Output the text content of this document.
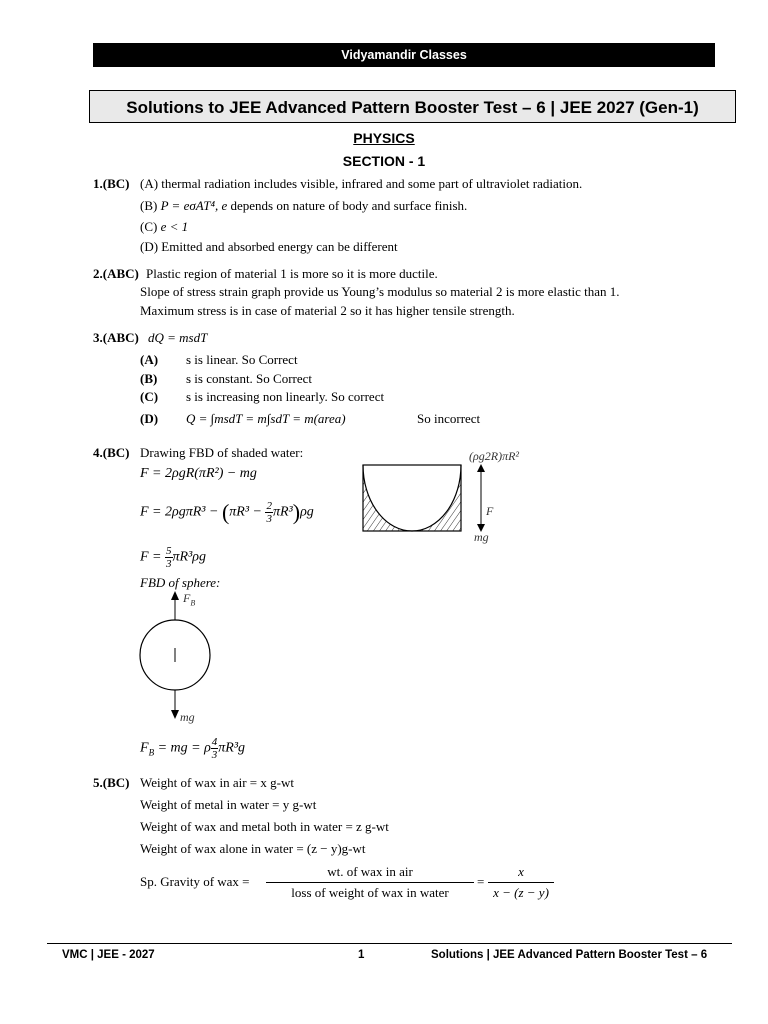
Vidyamandir Classes
Solutions to JEE Advanced Pattern Booster Test – 6 | JEE 2027 (Gen-1)
PHYSICS
SECTION - 1
1.(BC) (A) thermal radiation includes visible, infrared and some part of ultraviolet radiation.
(B) P = eσAT⁴, e depends on nature of body and surface finish.
(C) e < 1
(D) Emitted and absorbed energy can be different
2.(ABC) Plastic region of material 1 is more so it is more ductile.
Slope of stress strain graph provide us Young’s modulus so material 2 is more elastic than 1.
Maximum stress is in case of material 2 so it has higher tensile strength.
3.(ABC) dQ = msdT
(A) s is linear. So Correct
(B) s is constant. So Correct
(C) s is increasing non linearly. So correct
(D) Q = ∫msdT = m∫sdT = m(area)	So incorrect
4.(BC) Drawing FBD of shaded water:
F = 2ρgR(πR²) − mg
$F = 2\rho g\pi R^3 - (\pi R^3 - \frac{2}{3} \pi R^3)\rho g$
$F = \frac{5}{3} \pi R^3\rho g$
FBD of sphere:
(ρg2R)πR²
F
mg
$F_B$
mg
$F_B$ = mg = ρ $\frac{4}{3} \pi R^3g$
5.(BC) Weight of wax in air = x g-wt
Weight of metal in water = y g-wt
Weight of wax and metal both in water = z g-wt
Weight of wax alone in water = (z − y)g-wt
Sp. Gravity of wax =
wt. of wax in air
loss of weight of wax in water
=
x
x − (z − y)
VMC | JEE - 2027	1	Solutions | JEE Advanced Pattern Booster Test – 6
